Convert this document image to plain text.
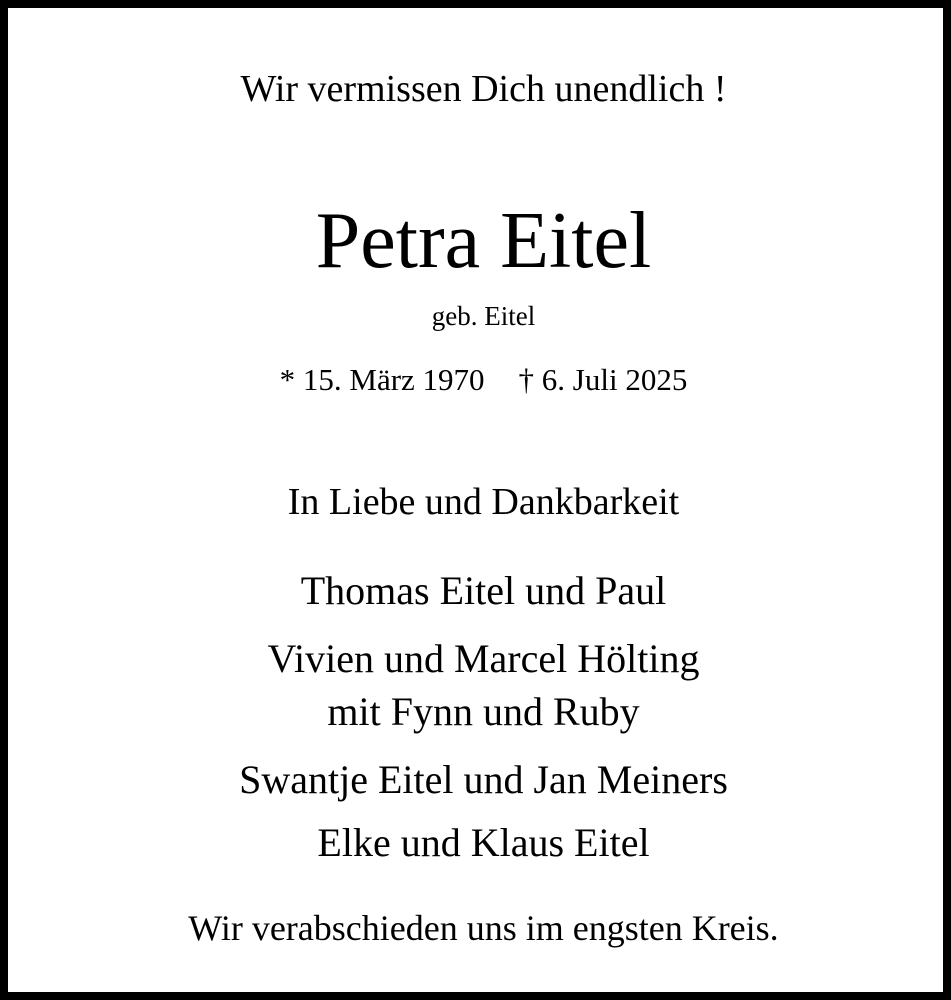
Wir vermissen Dich unendlich !
Petra Eitel
geb. Eitel
* 15. März 1970 † 6. Juli 2025
In Liebe und Dankbarkeit
Thomas Eitel und Paul
Vivien und Marcel Hölting
mit Fynn und Ruby
Swantje Eitel und Jan Meiners
Elke und Klaus Eitel
Wir verabschieden uns im engsten Kreis.
